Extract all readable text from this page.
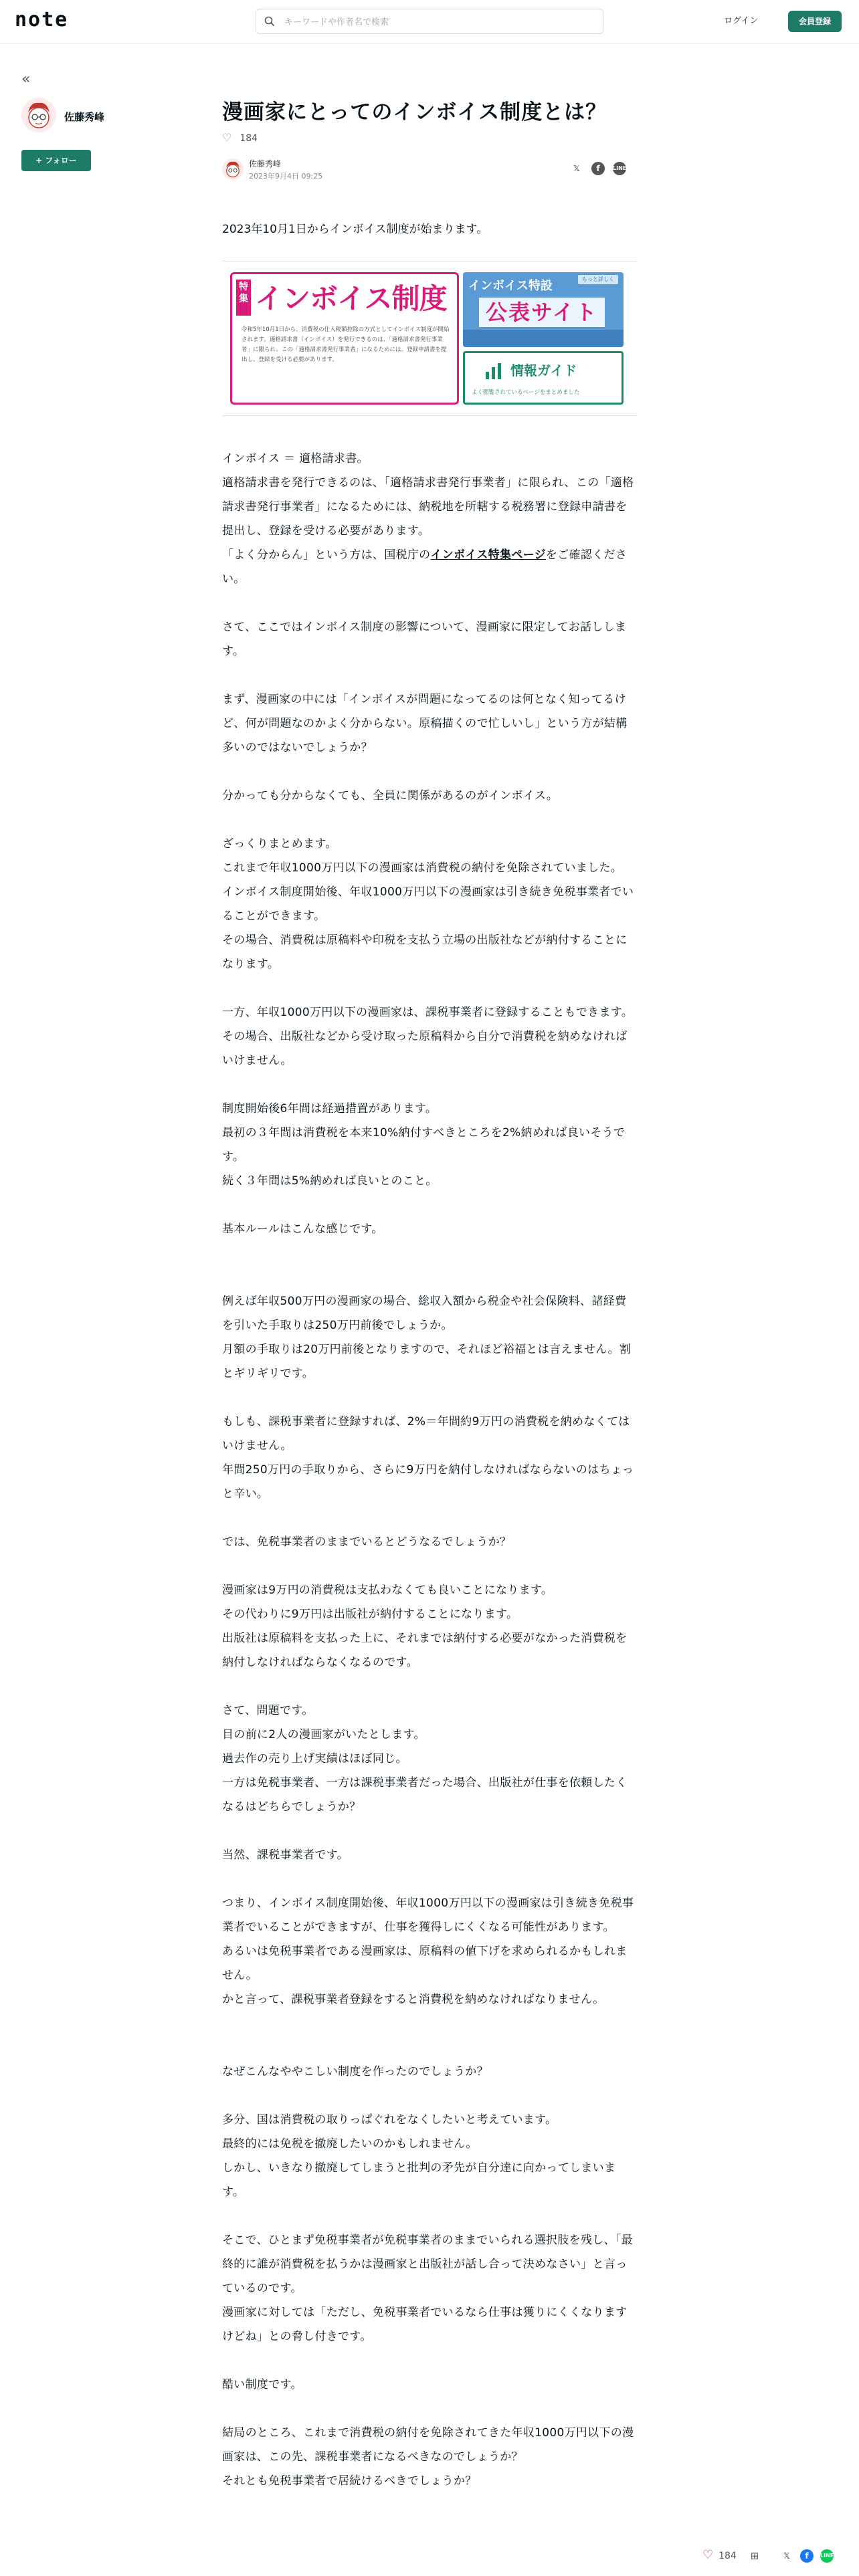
note
キーワードや作者名で検索	ログイン	会員登録
«
佐藤秀峰
+ フォロー
漫画家にとってのインボイス制度とは？
♡ 184
佐藤秀峰
2023年9月4日 09:25
𝕏	f	LINE
2023年10月1日からインボイス制度が始まります。
特集 インボイス制度
令和5年10月1日から、消費税の仕入税額控除の方式としてインボイス制度が開始されます。適格請求書（インボイス）を発行できるのは、「適格請求書発行事業者」に限られ、この「適格請求書発行事業者」になるためには、登録申請書を提出し、登録を受ける必要があります。
インボイス特設	もっと詳しく
公表サイト
情報ガイド
よく閲覧されているページをまとめました

インボイス ＝ 適格請求書。

適格請求書を発行できるのは、「適格請求書発行事業者」に限られ、この「適格請求書発行事業者」になるためには、納税地を所轄する税務署に登録申請書を提出し、登録を受ける必要があります。

「よく分からん」という方は、国税庁のインボイス特集ページをご確認ください。

さて、ここではインボイス制度の影響について、漫画家に限定してお話しします。

まず、漫画家の中には「インボイスが問題になってるのは何となく知ってるけど、何が問題なのかよく分からない。原稿描くので忙しいし」という方が結構多いのではないでしょうか？

分かっても分からなくても、全員に関係があるのがインボイス。

ざっくりまとめます。

これまで年収1000万円以下の漫画家は消費税の納付を免除されていました。

インボイス制度開始後、年収1000万円以下の漫画家は引き続き免税事業者でいることができます。

その場合、消費税は原稿料や印税を支払う立場の出版社などが納付することになります。

一方、年収1000万円以下の漫画家は、課税事業者に登録することもできます。

その場合、出版社などから受け取った原稿料から自分で消費税を納めなければいけません。

制度開始後6年間は経過措置があります。

最初の３年間は消費税を本来10%納付すべきところを2%納めれば良いそうです。

続く３年間は5%納めれば良いとのこと。

基本ルールはこんな感じです。

例えば年収500万円の漫画家の場合、総収入額から税金や社会保険料、諸経費を引いた手取りは250万円前後でしょうか。

月額の手取りは20万円前後となりますので、それほど裕福とは言えません。割とギリギリです。

もしも、課税事業者に登録すれば、2%＝年間約9万円の消費税を納めなくてはいけません。

年間250万円の手取りから、さらに9万円を納付しなければならないのはちょっと辛い。

では、免税事業者のままでいるとどうなるでしょうか？

漫画家は9万円の消費税は支払わなくても良いことになります。

その代わりに9万円は出版社が納付することになります。

出版社は原稿料を支払った上に、それまでは納付する必要がなかった消費税を納付しなければならなくなるのです。

さて、問題です。

目の前に2人の漫画家がいたとします。

過去作の売り上げ実績はほぼ同じ。

一方は免税事業者、一方は課税事業者だった場合、出版社が仕事を依頼したくなるはどちらでしょうか？

当然、課税事業者です。

つまり、インボイス制度開始後、年収1000万円以下の漫画家は引き続き免税事業者でいることができますが、仕事を獲得しにくくなる可能性があります。

あるいは免税事業者である漫画家は、原稿料の値下げを求められるかもしれません。

かと言って、課税事業者登録をすると消費税を納めなければなりません。

なぜこんなややこしい制度を作ったのでしょうか？

多分、国は消費税の取りっぱぐれをなくしたいと考えています。

最終的には免税を撤廃したいのかもしれません。

しかし、いきなり撤廃してしまうと批判の矛先が自分達に向かってしまいます。

そこで、ひとまず免税事業者が免税事業者のままでいられる選択肢を残し、「最終的に誰が消費税を払うかは漫画家と出版社が話し合って決めなさい」と言っているのです。

漫画家に対しては「ただし、免税事業者でいるなら仕事は獲りにくくなりますけどね」との脅し付きです。

酷い制度です。

結局のところ、これまで消費税の納付を免除されてきた年収1000万円以下の漫画家は、この先、課税事業者になるべきなのでしょうか？

それとも免税事業者で居続けるべきでしょうか？

♡ 184 ⊞	𝕏	f	LINE
